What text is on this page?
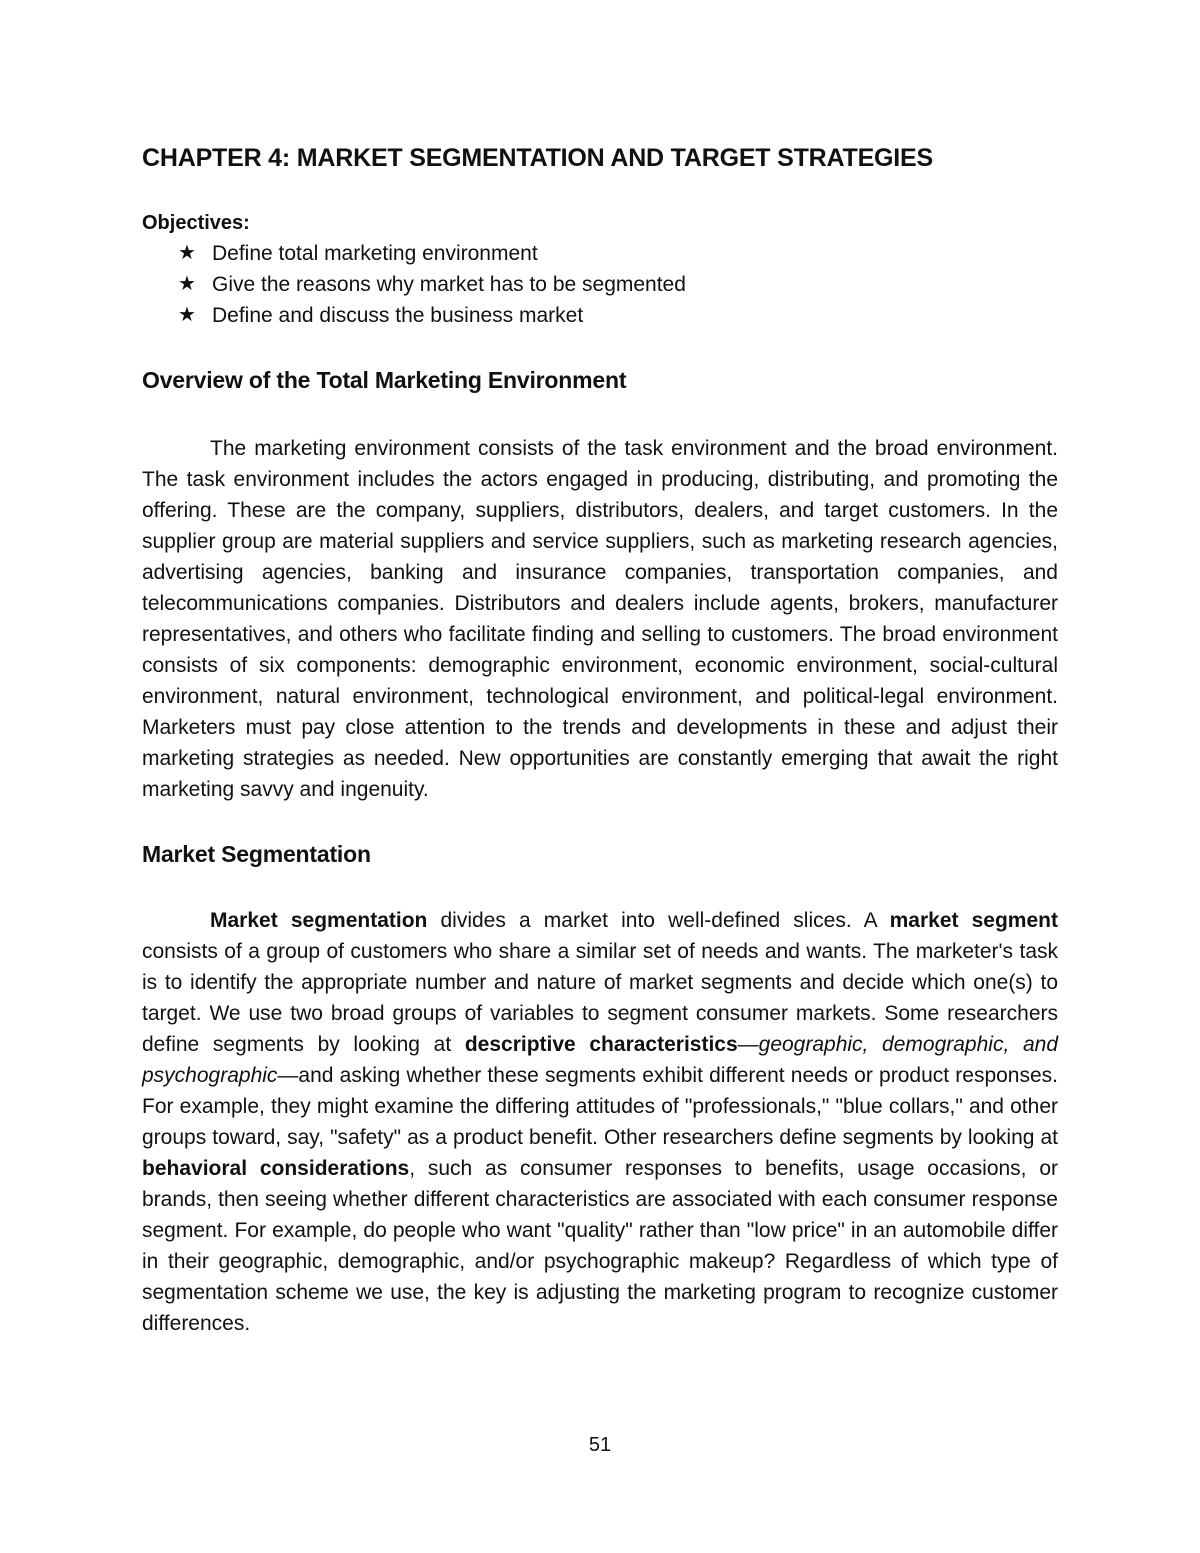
CHAPTER 4: MARKET SEGMENTATION AND TARGET STRATEGIES
Objectives:
★ Define total marketing environment
★ Give the reasons why market has to be segmented
★ Define and discuss the business market
Overview of the Total Marketing Environment

The marketing environment consists of the task environment and the broad environment. The task environment includes the actors engaged in producing, distributing, and promoting the offering. These are the company, suppliers, distributors, dealers, and target customers. In the supplier group are material suppliers and service suppliers, such as marketing research agencies, advertising agencies, banking and insurance companies, transportation companies, and telecommunications companies. Distributors and dealers include agents, brokers, manufacturer representatives, and others who facilitate finding and selling to customers. The broad environment consists of six components: demographic environment, economic environment, social-cultural environment, natural environment, technological environment, and political-legal environment. Marketers must pay close attention to the trends and developments in these and adjust their marketing strategies as needed. New opportunities are constantly emerging that await the right marketing savvy and ingenuity.

Market Segmentation

Market segmentation divides a market into well-defined slices. A market segment consists of a group of customers who share a similar set of needs and wants. The marketer's task is to identify the appropriate number and nature of market segments and decide which one(s) to target. We use two broad groups of variables to segment consumer markets. Some researchers define segments by looking at descriptive characteristics—geographic, demographic, and psychographic—and asking whether these segments exhibit different needs or product responses. For example, they might examine the differing attitudes of "professionals," "blue collars," and other groups toward, say, "safety" as a product benefit. Other researchers define segments by looking at behavioral considerations, such as consumer responses to benefits, usage occasions, or brands, then seeing whether different characteristics are associated with each consumer response segment. For example, do people who want "quality" rather than "low price" in an automobile differ in their geographic, demographic, and/or psychographic makeup? Regardless of which type of segmentation scheme we use, the key is adjusting the marketing program to recognize customer differences.

51
